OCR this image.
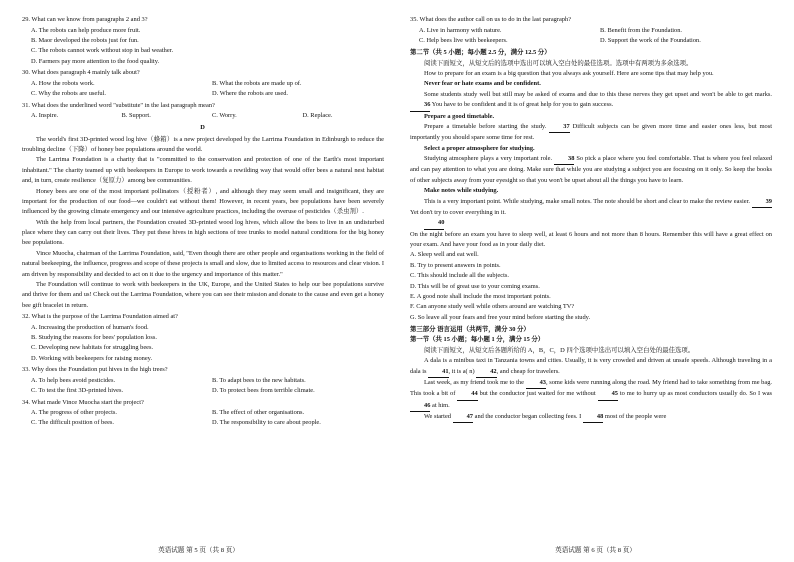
29. What can we know from paragraphs 2 and 3?

A. The robots can help produce more fruit.
B. Maor developed the robots just for fun.
C. The robots cannot work without stop in bad weather.
D. Farmers pay more attention to the food quality.

30. What does paragraph 4 mainly talk about?

A. How the robots work.	B. What the robots are made up of.
C. Why the robots are useful.	D. Where the robots are used.

31. What does the underlined word "substitute" in the last paragraph mean?

A. Inspire.	B. Support.	C. Worry.	D. Replace.

D

The world's first 3D-printed wood log hive（蜂箱）is a new project developed by the Larrima Foundation in Edinburgh to reduce the troubling decline（下降）of honey bee populations around the world.

The Larrima Foundation is a charity that is "committed to the conservation and protection of one of the Earth's most important inhabitant." The charity teamed up with beekeepers in Europe to work towards a rewilding way that would offer bees a natural nest habitat and, in turn, create resilience（复原力）among bee communities.

Honey bees are one of the most important pollinators（授粉者）, and although they may seem small and insignificant, they are important for the production of our food—we couldn't eat without them! However, in recent years, bee populations have been severely influenced by the growing climate emergency and our intensive agriculture practices, including the overuse of pesticides（杀虫剂）.

With the help from local partners, the Foundation created 3D-printed wood log hives, which allow the bees to live in an undisturbed place where they can carry out their lives. They put these hives in high sections of tree trunks to model natural conditions for the big honey bee populations.

Vince Muocha, chairman of the Larrima Foundation, said, "Even though there are other people and organisations working in the field of natural beekeeping, the influence, progress and scope of these projects is small and slow, due to limited access to resources and clear vision. I am driven by responsibility and decided to act on it due to the urgency and importance of this matter."

The Foundation will continue to work with beekeepers in the UK, Europe, and the United States to help our bee populations survive and thrive for them and us! Check out the Larrima Foundation, where you can see their mission and donate to the cause and even get a honey bee gift bracelet in return.

32. What is the purpose of the Larrima Foundation aimed at?

A. Increasing the production of human's food.
B. Studying the reasons for bees' population loss.
C. Developing new habitats for struggling bees.
D. Working with beekeepers for raising money.

33. Why does the Foundation put hives in the high trees?

A. To help bees avoid pesticides.	B. To adapt bees to the new habitats.
C. To test the first 3D-printed hives.	D. To protect bees from terrible climate.

34. What made Vince Muocha start the project?

A. The progress of other projects.	B. The effect of other organisations.
C. The difficult position of bees.	D. The responsibility to care about people.

35. What does the author call on us to do in the last paragraph?

A. Live in harmony with nature.	B. Benefit from the Foundation.
C. Help bees live with beekeepers.	D. Support the work of the Foundation.

第二节（共 5 小题；每小题 2.5 分，满分 12.5 分）

阅读下面短文，从短文后的选项中选出可以填入空白处的最佳选项。选项中有两项为多余选项。

How to prepare for an exam is a big question that you always ask yourself. Here are some tips that may help you.

Never fear or hate exams and be confident.

Some students study well but still may be asked of exams and due to this these nerves they get upset and won't be able to get marks. 36 You have to be confident and it is of great help for you to gain success.

Prepare a good timetable.

Prepare a timetable before starting the study.	37 Difficult subjects can be given more time and easier ones less, but most importantly you should spare some time for rest.

Select a proper atmosphere for studying.

Studying atmosphere plays a very important role. 38 So pick a place where you feel comfortable. That is where you feel relaxed and can pay attention to what you are doing. Make sure that while you are studying a subject you are focusing on it only. So keep the books of other subjects away from your eyesight so that you won't be upset about all the things you have to learn.

Make notes while studying.

This is a very important point. While studying, make small notes. The note should be short and clear to make the review easier. 39 Yet don't try to cover everything in it.

40

On the night before an exam you have to sleep well, at least 6 hours and not more than 8 hours. Remember this will have a great effect on your exam. And have your food as in your daily diet.

A. Sleep well and eat well.

B. Try to present answers in points.

C. This should include all the subjects.

D. This will be of great use to your coming exams.

E. A good note shall include the most important points.

F. Can anyone study well while others around are watching TV?

G. So leave all your fears and free your mind before starting the study.

第三部分 语言运用（共两节，满分 30 分）

第一节（共 15 小题；每小题 1 分，满分 15 分）

阅读下面短文，从短文后各题所给的 A，B，C，D 四个选项中选出可以填入空白处的最佳选项。

A dala is a minibus taxi in Tanzania towns and cities. Usually, it is very crowded and driven at unsafe speeds. Although traveling in a dala is 41, it is a( n) 42, and cheap for travelers.

Last week, as my friend took me to the 43, some kids were running along the road. My friend had to take something from me bag. This took a bit of 44 but the conductor just waited for me without 45 to me to hurry up as most conductors usually do. So I was 46 at him.

We started 47 and the conductor began collecting fees. I 48 most of the people were

英语试题 第 5 页（共 8 页）	英语试题 第 6 页（共 8 页）
